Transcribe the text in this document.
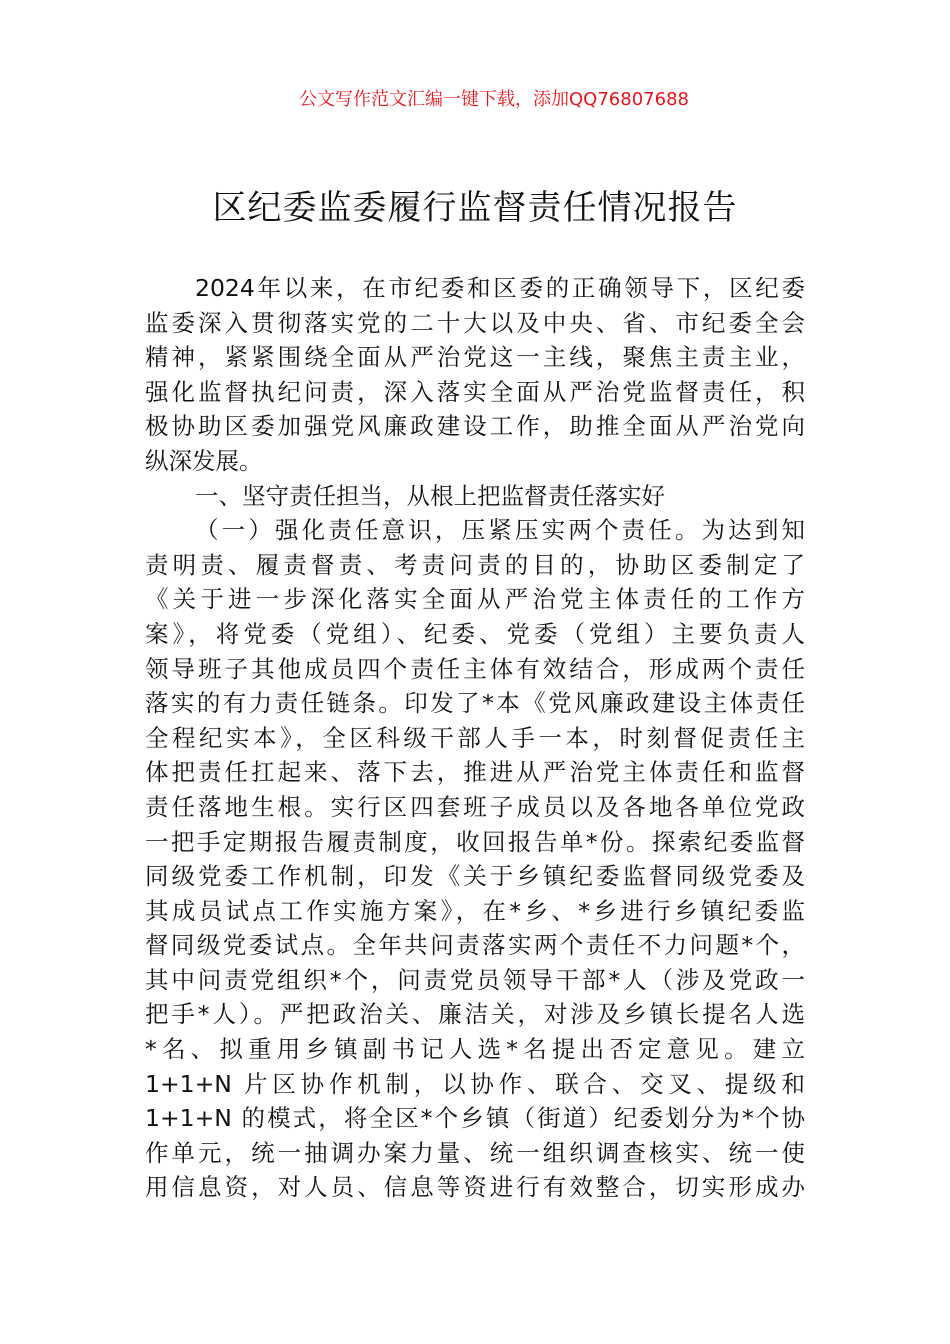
公文写作范文汇编一键下载，添加QQ76807688
区纪委监委履行监督责任情况报告
2024年以来，在市纪委和区委的正确领导下，区纪委
监委深入贯彻落实党的二十大以及中央、省、市纪委全会
精神，紧紧围绕全面从严治党这一主线，聚焦主责主业，
强化监督执纪问责，深入落实全面从严治党监督责任，积
极协助区委加强党风廉政建设工作，助推全面从严治党向
纵深发展。
一、坚守责任担当，从根上把监督责任落实好
（一）强化责任意识，压紧压实两个责任。为达到知
责明责、履责督责、考责问责的目的，协助区委制定了
《关于进一步深化落实全面从严治党主体责任的工作方
案》，将党委（党组）、纪委、党委（党组）主要负责人
领导班子其他成员四个责任主体有效结合，形成两个责任
落实的有力责任链条。印发了*本《党风廉政建设主体责任
全程纪实本》，全区科级干部人手一本，时刻督促责任主
体把责任扛起来、落下去，推进从严治党主体责任和监督
责任落地生根。实行区四套班子成员以及各地各单位党政
一把手定期报告履责制度，收回报告单*份。探索纪委监督
同级党委工作机制，印发《关于乡镇纪委监督同级党委及
其成员试点工作实施方案》，在*乡、*乡进行乡镇纪委监
督同级党委试点。全年共问责落实两个责任不力问题*个，
其中问责党组织*个，问责党员领导干部*人（涉及党政一
把手*人）。严把政治关、廉洁关，对涉及乡镇长提名人选
*名、拟重用乡镇副书记人选*名提出否定意见。建立
1+1+N 片区协作机制，以协作、联合、交叉、提级和
1+1+N 的模式，将全区*个乡镇（街道）纪委划分为*个协
作单元，统一抽调办案力量、统一组织调查核实、统一使
用信息资，对人员、信息等资进行有效整合，切实形成办
